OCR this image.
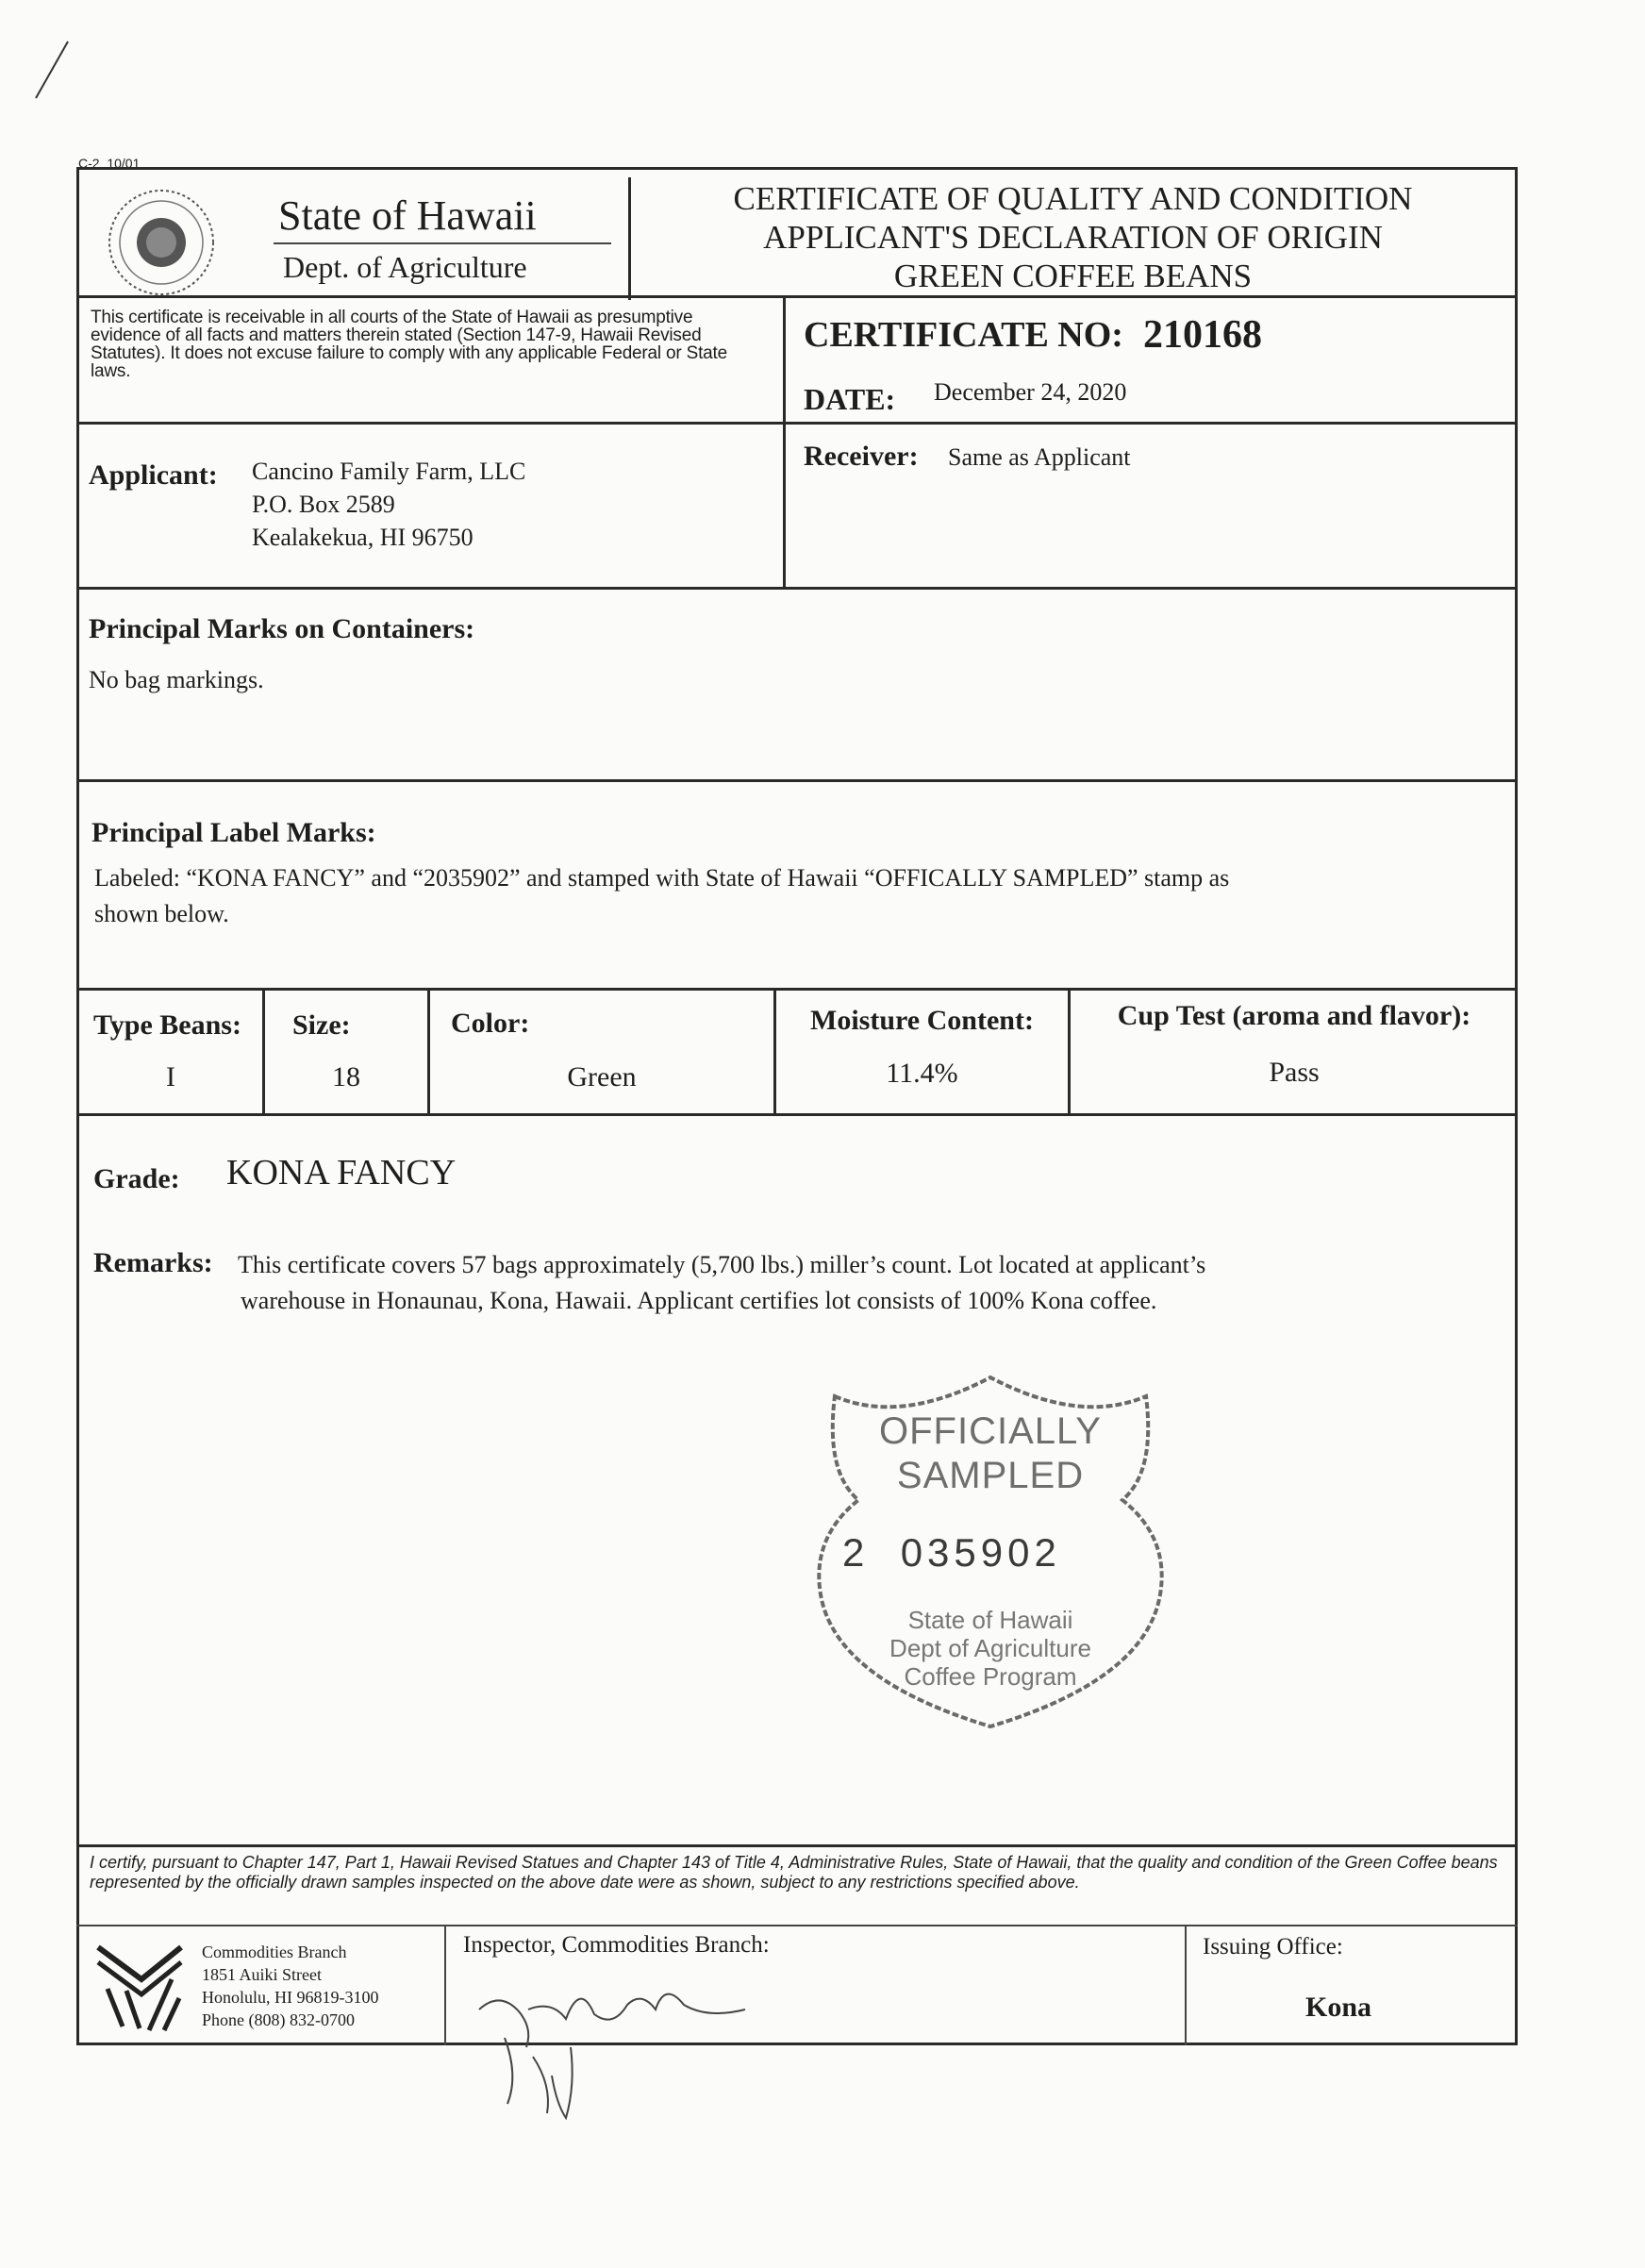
C-2  10/01
State of Hawaii
Dept. of Agriculture
CERTIFICATE OF QUALITY AND CONDITION
APPLICANT'S DECLARATION OF ORIGIN
GREEN COFFEE BEANS
This certificate is receivable in all courts of the State of Hawaii as presumptive evidence of all facts and matters therein stated (Section 147-9, Hawaii Revised Statutes). It does not excuse failure to comply with any applicable Federal or State laws.
CERTIFICATE NO: 210168
DATE: December 24, 2020
Applicant: Cancino Family Farm, LLC
P.O. Box 2589
Kealakekua, HI 96750
Receiver: Same as Applicant
Principal Marks on Containers:
No bag markings.
Principal Label Marks:
Labeled: “KONA FANCY” and “2035902” and stamped with State of Hawaii “OFFICALLY SAMPLED” stamp as
shown below.
Type Beans:
I
Size:
18
Color:
Green
Moisture Content:
11.4%
Cup Test (aroma and flavor):
Pass
Grade: KONA FANCY
Remarks: This certificate covers 57 bags approximately (5,700 lbs.) miller’s count. Lot located at applicant’s
warehouse in Honaunau, Kona, Hawaii. Applicant certifies lot consists of 100% Kona coffee.
OFFICIALLY
SAMPLED
2  035902
State of Hawaii
Dept of Agriculture
Coffee Program
I certify, pursuant to Chapter 147, Part 1, Hawaii Revised Statues and Chapter 143 of Title 4, Administrative Rules, State of Hawaii, that the quality and condition of the Green Coffee beans represented by the officially drawn samples inspected on the above date were as shown, subject to any restrictions specified above.
Commodities Branch
1851 Auiki Street
Honolulu, HI 96819-3100
Phone (808) 832-0700
Inspector, Commodities Branch:	Issuing Office:
Kona
